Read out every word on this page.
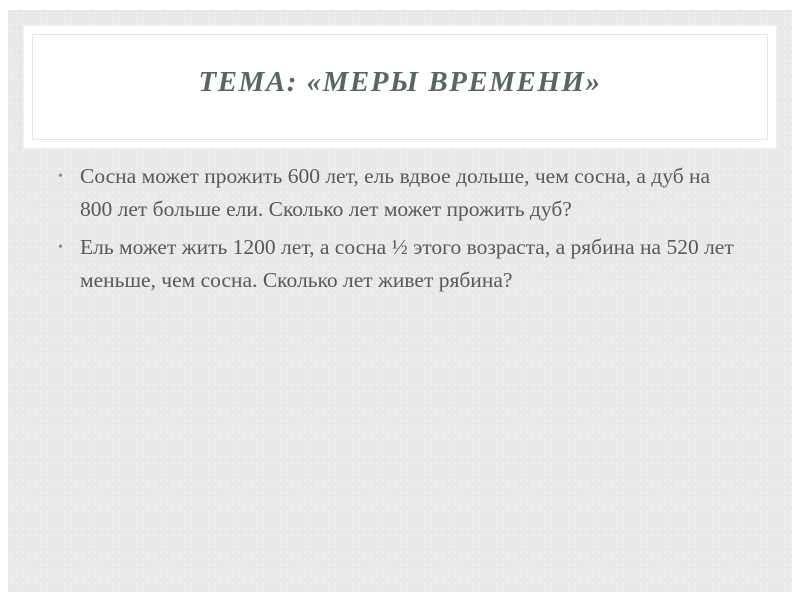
ТЕМА: «МЕРЫ ВРЕМЕНИ»
• Сосна может прожить 600 лет, ель вдвое дольше, чем сосна, а дуб на 800 лет больше ели. Сколько лет может прожить дуб?
• Ель может жить 1200 лет, а сосна ½ этого возраста, а рябина на 520 лет меньше, чем сосна. Сколько лет живет рябина?
